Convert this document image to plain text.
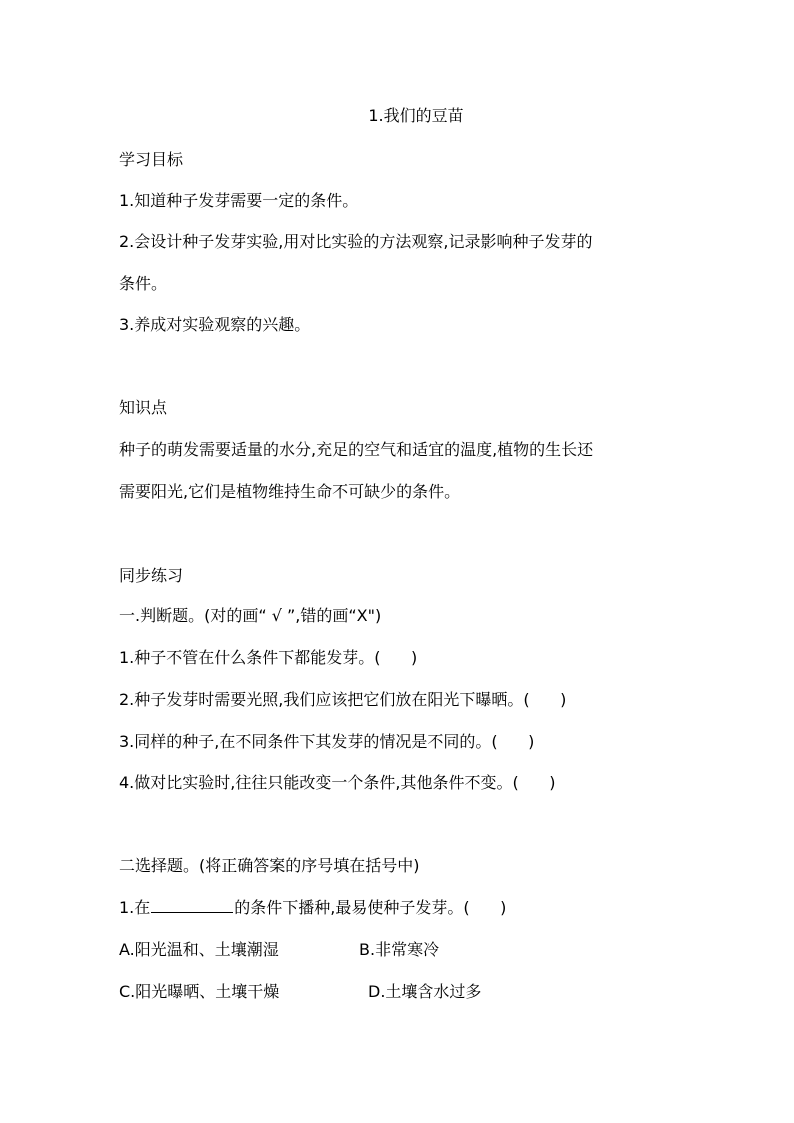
1.我们的豆苗
学习目标
1.知道种子发芽需要一定的条件。
2.会设计种子发芽实验,用对比实验的方法观察,记录影响种子发芽的
条件。
3.养成对实验观察的兴趣。
知识点
种子的萌发需要适量的水分,充足的空气和适宜的温度,植物的生长还
需要阳光,它们是植物维持生命不可缺少的条件。
同步练习
一.判断题。(对的画“ √ ”,错的画“X")
1.种子不管在什么条件下都能发芽。(      )
2.种子发芽时需要光照,我们应该把它们放在阳光下曝晒。(      )
3.同样的种子,在不同条件下其发芽的情况是不同的。(      )
4.做对比实验时,往往只能改变一个条件,其他条件不变。(      )
二选择题。(将正确答案的序号填在括号中)
1.在	的条件下播种,最易使种子发芽。(      )
A.阳光温和、土壤潮湿	B.非常寒冷
C.阳光曝晒、土壤干燥	D.土壤含水过多
